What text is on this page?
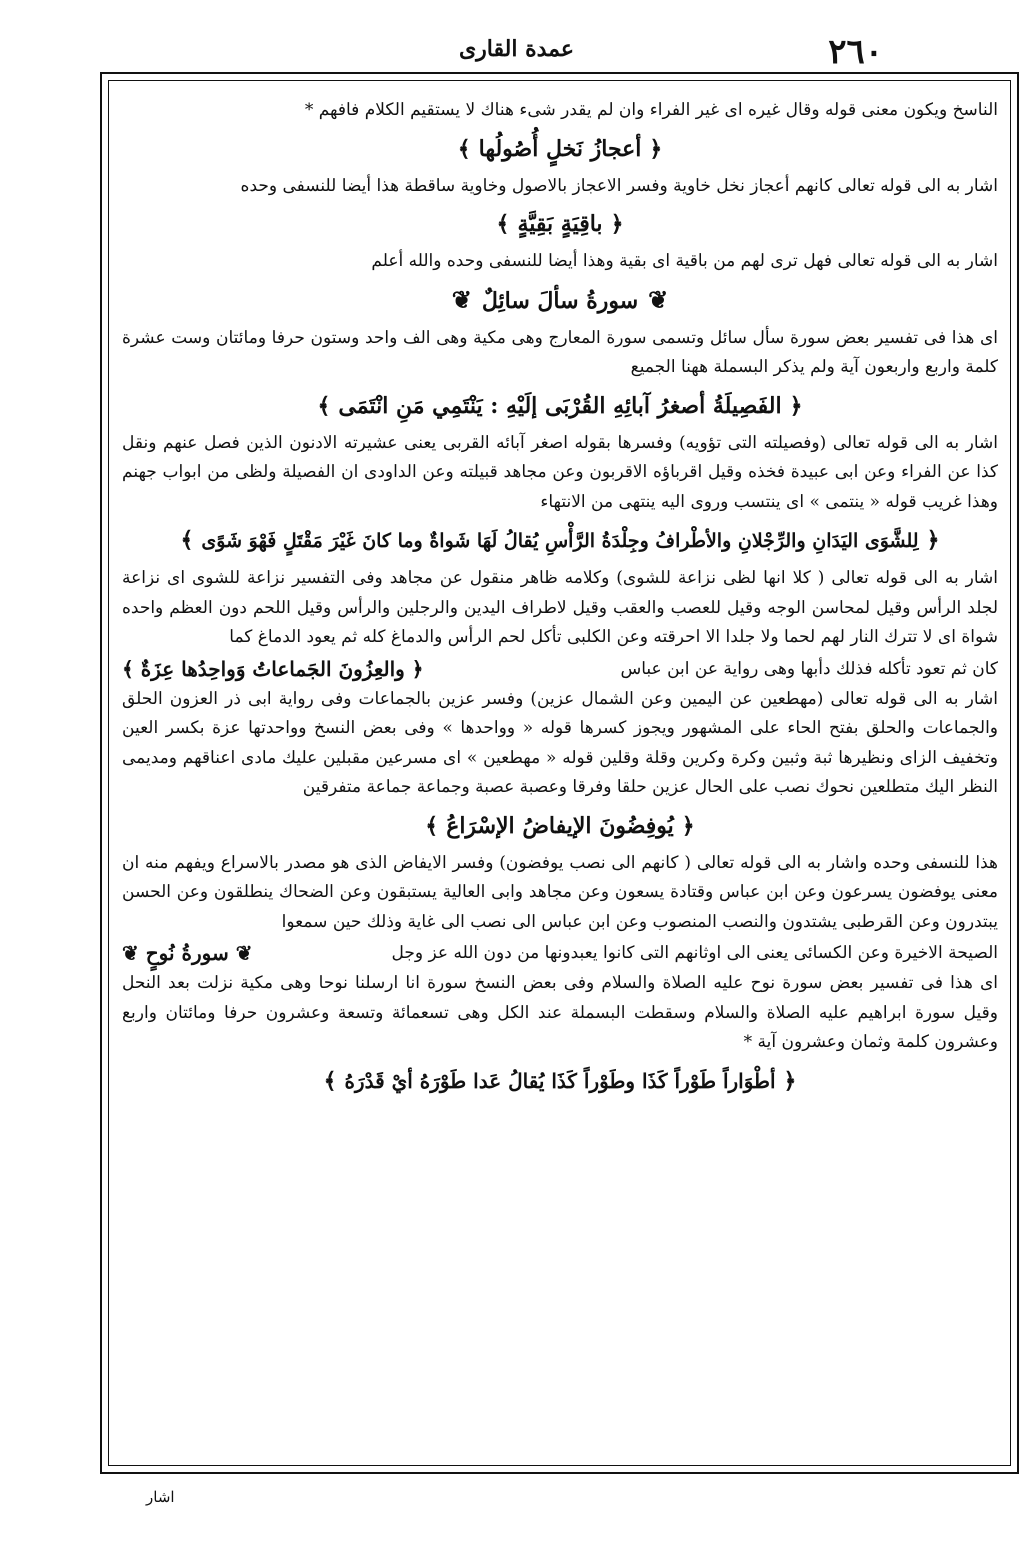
عمدة القارى	٢٦٠

الناسخ ويكون معنى قوله وقال غيره اى غير الفراء وان لم يقدر شىء هناك لا يستقيم الكلام فافهم *

﴿أعجازُ نَخلٍ أُصُولُها﴾

اشار به الى قوله تعالى كانهم أعجاز نخل خاوية وفسر الاعجاز بالاصول وخاوية ساقطة هذا أيضا للنسفى وحده

﴿باقِيَةٍ بَقِيَّةٍ﴾

اشار به الى قوله تعالى فهل ترى لهم من باقية اى بقية وهذا أيضا للنسفى وحده والله أعلم

❦سورةُ سألَ سائِلٌ❦

اى هذا فى تفسير بعض سورة سأل سائل وتسمى سورة المعارج وهى مكية وهى الف واحد وستون حرفا ومائتان وست عشرة كلمة واربع واربعون آية ولم يذكر البسملة ههنا الجميع

﴿الفَصِيلَةُ أصغرُ آبائِهِ القُرْبَى إلَيْهِ : يَنْتَمِي مَنِ انْتَمَى﴾

اشار به الى قوله تعالى (وفصيلته التى تؤويه) وفسرها بقوله اصغر آبائه القربى يعنى عشيرته الادنون الذين فصل عنهم ونقل كذا عن الفراء وعن ابى عبيدة فخذه وقيل اقرباؤه الاقربون وعن مجاهد قبيلته وعن الداودى ان الفصيلة ولظى من ابواب جهنم وهذا غريب قوله « ينتمى » اى ينتسب وروى اليه ينتهى من الانتهاء

﴿لِلشَّوَى اليَدَانِ والرِّجْلانِ والأطْرافُ وجِلْدَةُ الرَّأْسِ يُقالُ لَهَا شَواةٌ وما كانَ غَيْرَ مَقْتَلٍ فَهْوَ شَوًى﴾

اشار به الى قوله تعالى ( كلا انها لظى نزاعة للشوى) وكلامه ظاهر منقول عن مجاهد وفى التفسير نزاعة للشوى اى نزاعة لجلد الرأس وقيل لمحاسن الوجه وقيل للعصب والعقب وقيل لاطراف اليدين والرجلين والرأس وقيل اللحم دون العظم واحده شواة اى لا تترك النار لهم لحما ولا جلدا الا احرقته وعن الكلبى تأكل لحم الرأس والدماغ كله ثم يعود الدماغ كما

كان ثم تعود تأكله فذلك دأبها وهى رواية عن ابن عباس
﴿ والعِزُونَ الجَماعاتُ وَواحِدُها عِزَةٌ ﴾

اشار به الى قوله تعالى (مهطعين عن اليمين وعن الشمال عزين) وفسر عزين بالجماعات وفى رواية ابى ذر العزون الحلق والجماعات والحلق بفتح الحاء على المشهور ويجوز كسرها قوله « وواحدها » وفى بعض النسخ وواحدتها عزة بكسر العين وتخفيف الزاى ونظيرها ثبة وثبين وكرة وكرين وقلة وقلين قوله « مهطعين » اى مسرعين مقبلين عليك مادى اعناقهم ومديمى النظر اليك متطلعين نحوك نصب على الحال عزين حلقا وفرقا وعصبة عصبة وجماعة جماعة متفرقين

﴿يُوفِضُونَ الإيفاضُ الإسْرَاعُ﴾

هذا للنسفى وحده واشار به الى قوله تعالى ( كانهم الى نصب يوفضون) وفسر الايفاض الذى هو مصدر بالاسراع ويفهم منه ان معنى يوفضون يسرعون وعن ابن عباس وقتادة يسعون وعن مجاهد وابى العالية يستبقون وعن الضحاك ينطلقون وعن الحسن يبتدرون وعن القرطبى يشتدون والنصب المنصوب وعن ابن عباس الى نصب الى غاية وذلك حين سمعوا

الصيحة الاخيرة وعن الكسائى يعنى الى اوثانهم التى كانوا يعبدونها من دون الله عز وجل
❦ سورةُ نُوحٍ ❦

اى هذا فى تفسير بعض سورة نوح عليه الصلاة والسلام وفى بعض النسخ سورة انا ارسلنا نوحا وهى مكية نزلت بعد النحل وقيل سورة ابراهيم عليه الصلاة والسلام وسقطت البسملة عند الكل وهى تسعمائة وتسعة وعشرون حرفا ومائتان واربع وعشرون كلمة وثمان وعشرون آية *

﴿أطْوَاراً طَوْراً كَذَا وطَوْراً كَذَا يُقالُ عَدا طَوْرَهُ أيْ قَدْرَهُ﴾
اشار
